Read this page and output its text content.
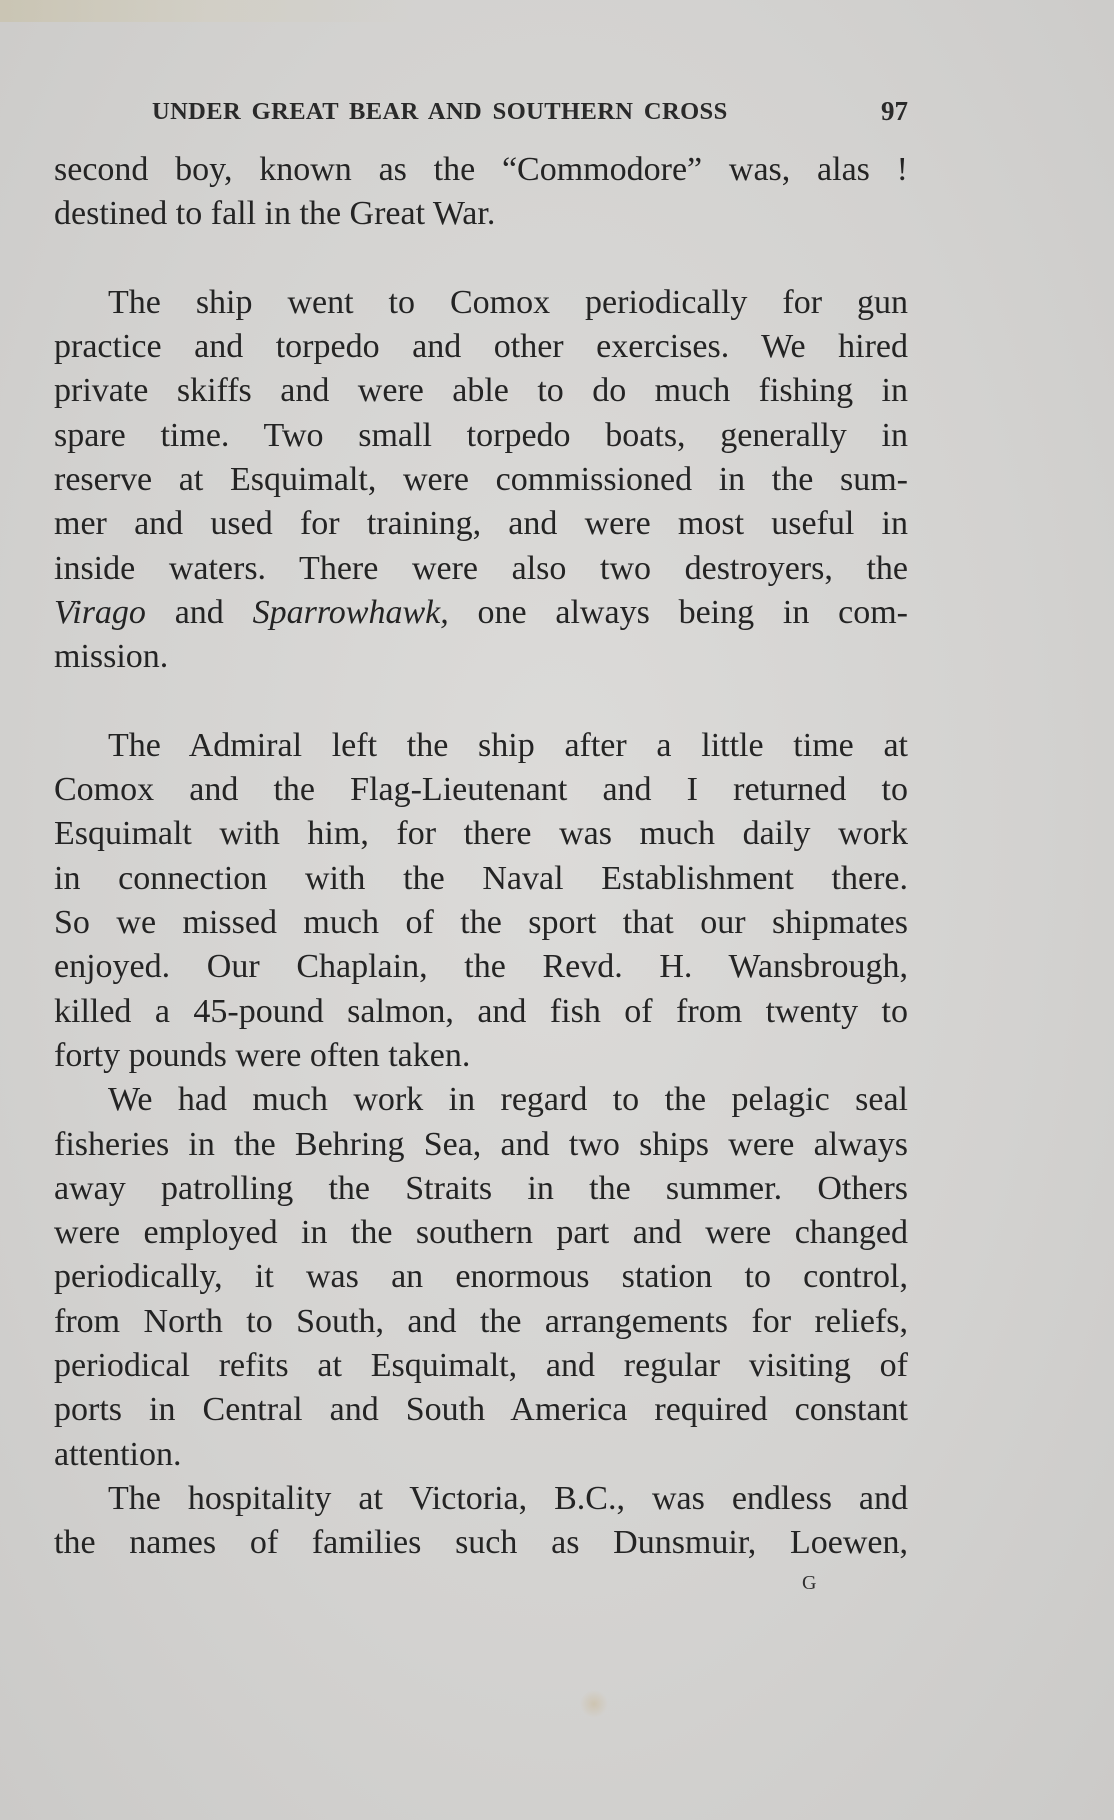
UNDER GREAT BEAR AND SOUTHERN CROSS	97
second boy, known as the “Commodore” was, alas !
destined to fall in the Great War.
The ship went to Comox periodically for gun
practice and torpedo and other exercises. We hired
private skiffs and were able to do much fishing in
spare time. Two small torpedo boats, generally in
reserve at Esquimalt, were commissioned in the sum-
mer and used for training, and were most useful in
inside waters. There were also two destroyers, the
Virago and Sparrowhawk, one always being in com-
mission.
The Admiral left the ship after a little time at
Comox and the Flag-Lieutenant and I returned to
Esquimalt with him, for there was much daily work
in connection with the Naval Establishment there.
So we missed much of the sport that our shipmates
enjoyed. Our Chaplain, the Revd. H. Wansbrough,
killed a 45-pound salmon, and fish of from twenty to
forty pounds were often taken.
We had much work in regard to the pelagic seal
fisheries in the Behring Sea, and two ships were always
away patrolling the Straits in the summer. Others
were employed in the southern part and were changed
periodically, it was an enormous station to control,
from North to South, and the arrangements for reliefs,
periodical refits at Esquimalt, and regular visiting of
ports in Central and South America required constant
attention.
The hospitality at Victoria, B.C., was endless and
the names of families such as Dunsmuir, Loewen,
G
